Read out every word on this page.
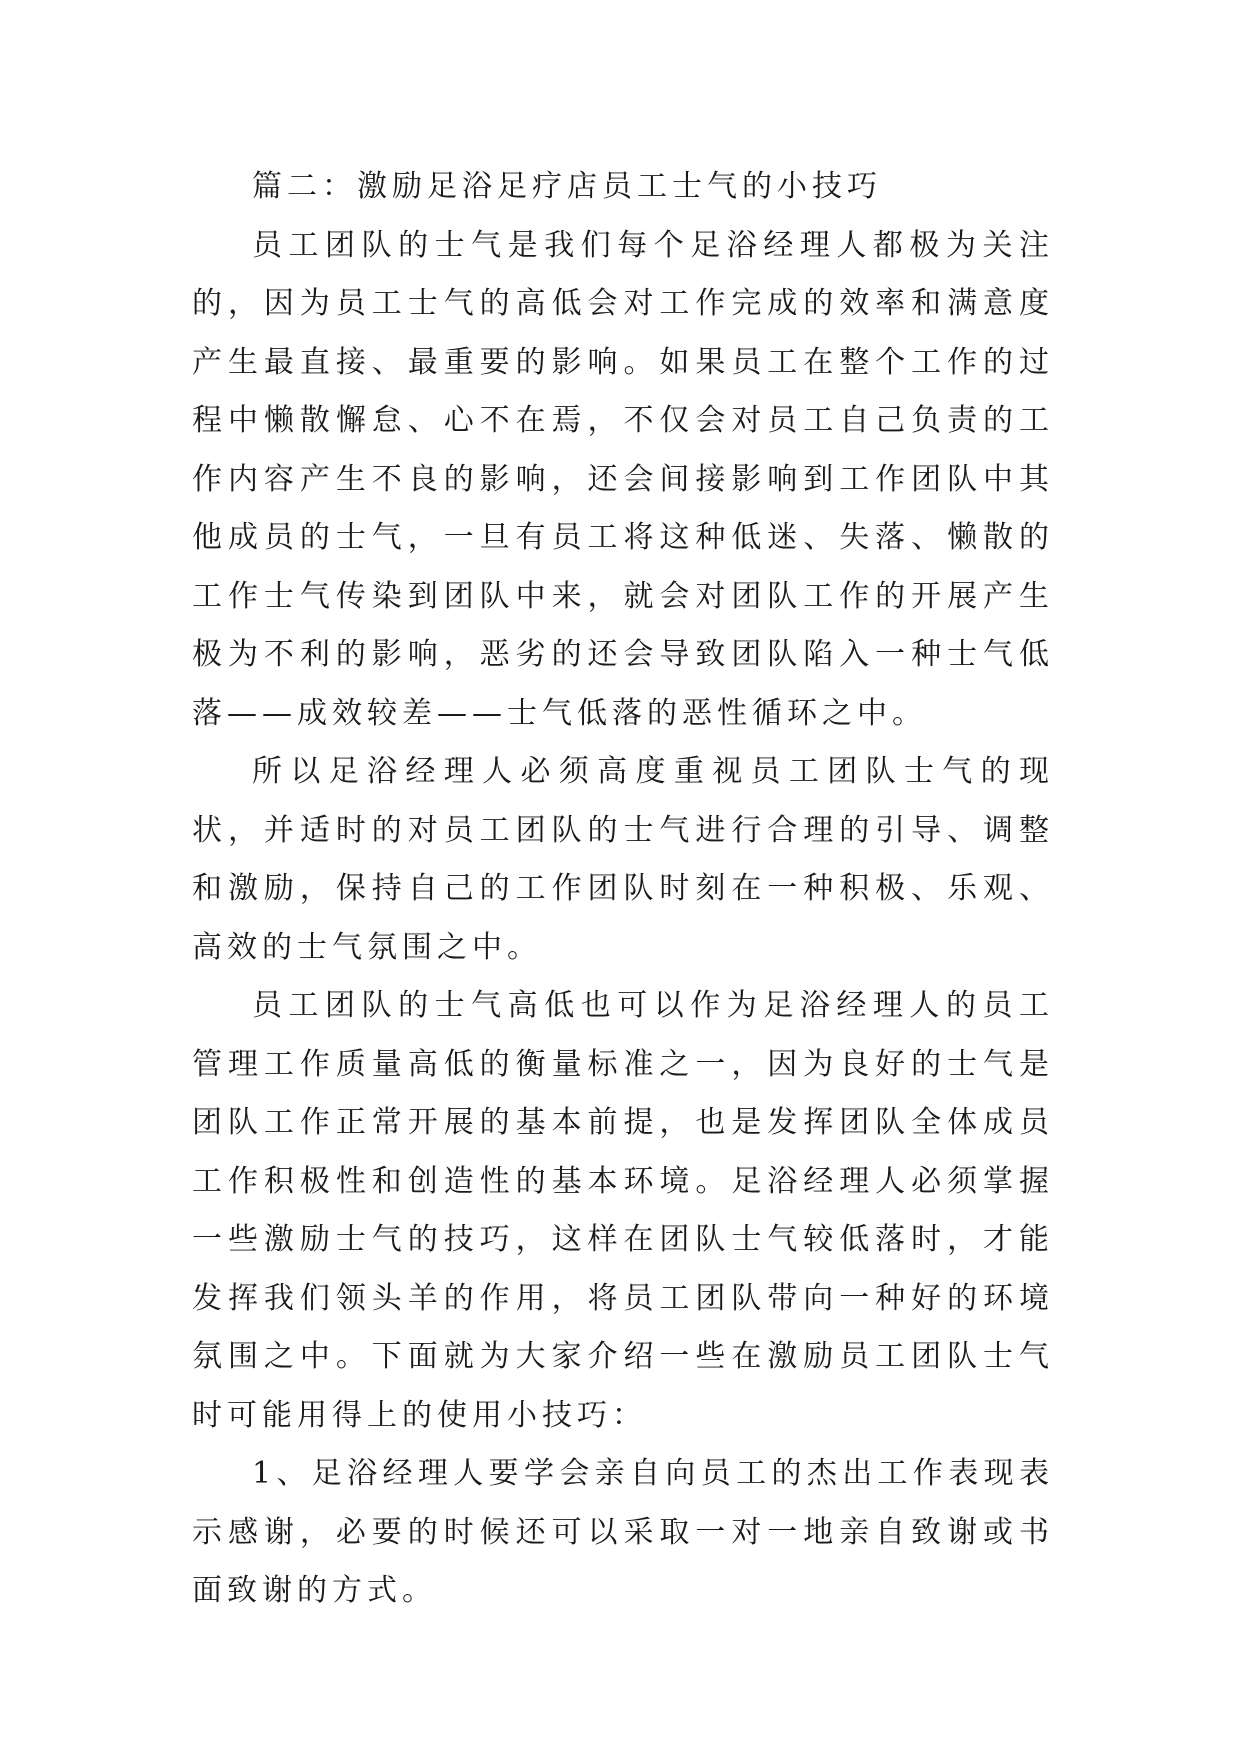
篇二：激励足浴足疗店员工士气的小技巧

员工团队的士气是我们每个足浴经理人都极为关注的，因为员工士气的高低会对工作完成的效率和满意度产生最直接、最重要的影响。如果员工在整个工作的过程中懒散懈怠、心不在焉，不仅会对员工自己负责的工作内容产生不良的影响，还会间接影响到工作团队中其他成员的士气，一旦有员工将这种低迷、失落、懒散的工作士气传染到团队中来，就会对团队工作的开展产生极为不利的影响，恶劣的还会导致团队陷入一种士气低落——成效较差——士气低落的恶性循环之中。

所以足浴经理人必须高度重视员工团队士气的现状，并适时的对员工团队的士气进行合理的引导、调整和激励，保持自己的工作团队时刻在一种积极、乐观、高效的士气氛围之中。

员工团队的士气高低也可以作为足浴经理人的员工管理工作质量高低的衡量标准之一，因为良好的士气是团队工作正常开展的基本前提，也是发挥团队全体成员工作积极性和创造性的基本环境。足浴经理人必须掌握一些激励士气的技巧，这样在团队士气较低落时，才能发挥我们领头羊的作用，将员工团队带向一种好的环境氛围之中。下面就为大家介绍一些在激励员工团队士气时可能用得上的使用小技巧：

1、足浴经理人要学会亲自向员工的杰出工作表现表示感谢，必要的时候还可以采取一对一地亲自致谢或书面致谢的方式。
